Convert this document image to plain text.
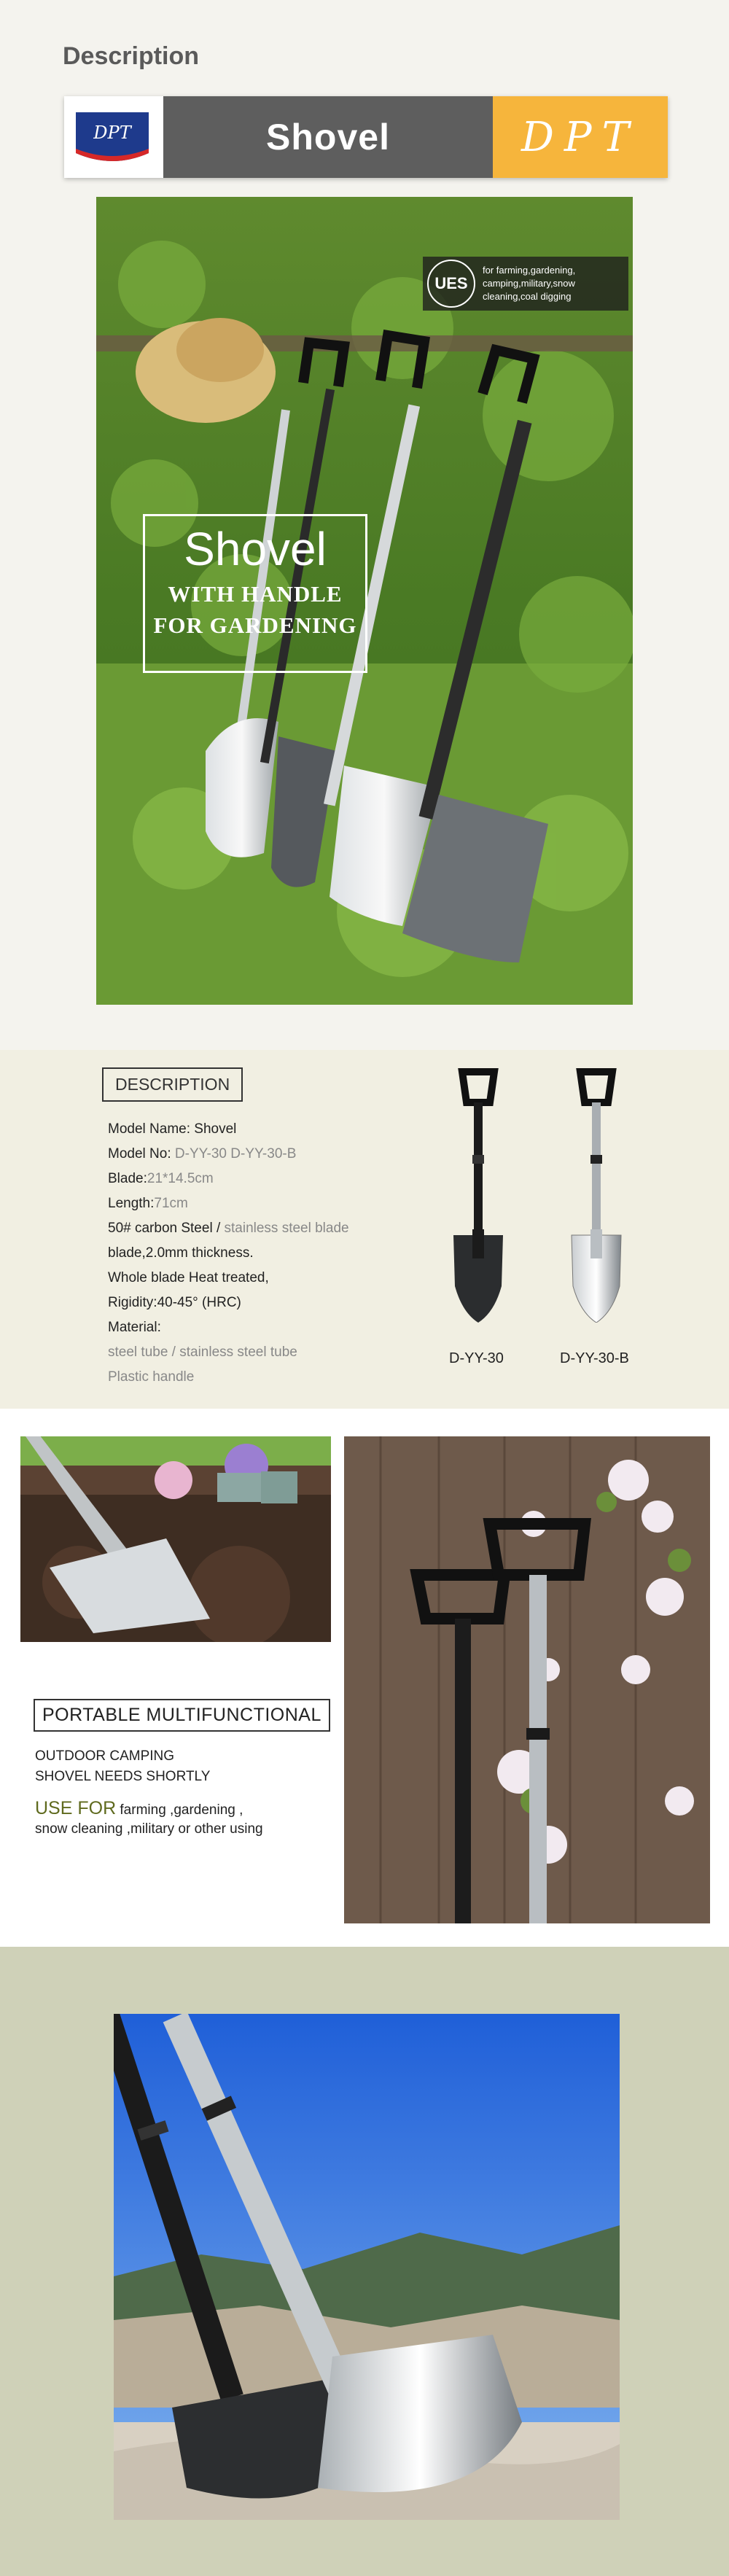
Description
DPT	Shovel	DPT
Shovel
WITH HANDLE
FOR GARDENING
UES
for farming,gardening,
camping,military,snow
cleaning,coal digging
DESCRIPTION
Model Name: Shovel
Model No: D-YY-30 D-YY-30-B
Blade:21*14.5cm
Length:71cm
50# carbon Steel / stainless steel blade
blade,2.0mm thickness.
Whole blade Heat treated,
Rigidity:40-45° (HRC)
Material:
steel tube / stainless steel tube
Plastic handle
D-YY-30	D-YY-30-B
PORTABLE MULTIFUNCTIONAL
OUTDOOR CAMPING
SHOVEL NEEDS SHORTLY
USE FOR farming ,gardening ,
snow cleaning ,military or other using
